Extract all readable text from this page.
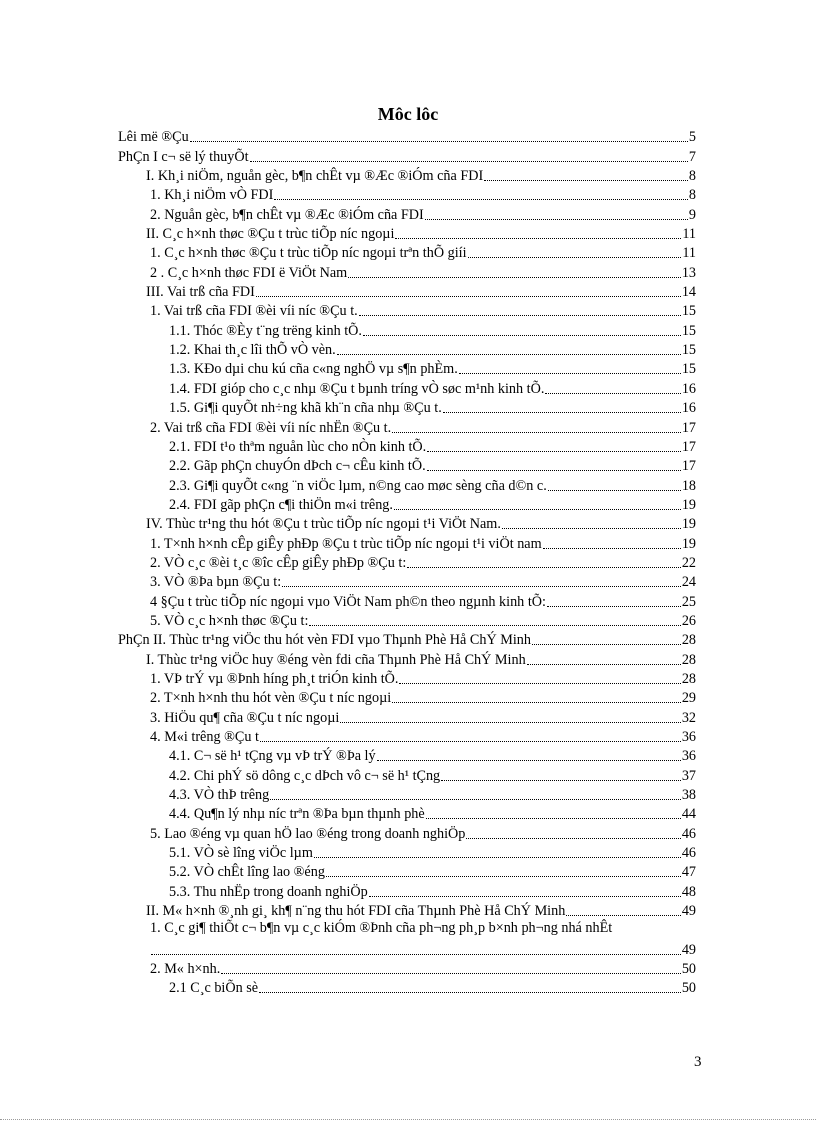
Môc lôc
Lêi më ®Çu	5
PhÇn I c¬ së lý thuyÕt	7
I. Kh¸i niÖm, nguån gèc, b¶n chÊt vµ ®Æc ®iÓm cña FDI	8
1. Kh¸i niÖm vÒ FDI	8
2. Nguån gèc, b¶n chÊt vµ ®Æc ®iÓm cña FDI	9
II. C¸c h×nh thøc ®Çu t trùc tiÕp níc ngoµi	11
1. C¸c h×nh thøc ®Çu t trùc tiÕp níc ngoµi trªn thÕ giíi	11
2 . C¸c h×nh thøc FDI ë ViÖt Nam	13
III. Vai trß cña FDI	14
1. Vai trß cña FDI ®èi víi níc ®Çu t.	15
1.1. Thóc ®Èy t¨ng trëng kinh tÕ.	15
1.2. Khai th¸c lîi thÕ vÒ vèn.	15
1.3. KÐo dµi chu kú cña c«ng nghÖ vµ s¶n phÈm.	15
1.4. FDI gióp cho c¸c nhµ ®Çu t bµnh tríng vÒ søc m¹nh kinh tÕ.	16
1.5. Gi¶i quyÕt nh÷ng khã kh¨n cña nhµ ®Çu t.	16
2. Vai trß cña FDI ®èi víi níc nhËn ®Çu t.	17
2.1. FDI t¹o thªm nguån lùc cho nÒn kinh tÕ.	17
2.2. Gãp phÇn chuyÓn dÞch c¬ cÊu kinh tÕ.	17
2.3. Gi¶i quyÕt c«ng ¨n viÖc lµm, n©ng cao møc sèng cña d©n c.	18
2.4. FDI gãp phÇn c¶i thiÖn m«i trêng.	19
IV. Thùc tr¹ng thu hót ®Çu t trùc tiÕp níc ngoµi t¹i ViÖt Nam.	19
1. T×nh h×nh cÊp giÊy phÐp ®Çu t trùc tiÕp níc ngoµi t¹i viÖt nam	19
2. VÒ c¸c ®èi t¸c ®îc cÊp giÊy phÐp ®Çu t:	22
3. VÒ ®Þa bµn ®Çu t:	24
4 §Çu t trùc tiÕp níc ngoµi vµo ViÖt Nam ph©n theo ngµnh kinh tÕ:	25
5. VÒ c¸c h×nh thøc ®Çu t:	26
PhÇn II. Thùc tr¹ng viÖc thu hót vèn FDI vµo Thµnh Phè Hå ChÝ Minh	28
I. Thùc tr¹ng viÖc huy ®éng vèn fdi cña Thµnh Phè Hå ChÝ Minh	28
1. VÞ trÝ vµ ®Þnh híng ph¸t triÓn kinh tÕ.	28
2. T×nh h×nh thu hót vèn ®Çu t níc ngoµi	29
3. HiÖu qu¶ cña ®Çu t níc ngoµi	32
4. M«i trêng ®Çu t	36
4.1. C¬ së h¹ tÇng vµ vÞ trÝ ®Þa lý	36
4.2. Chi phÝ sö dông c¸c dÞch vô c¬ së h¹ tÇng	37
4.3. VÒ thÞ trêng	38
4.4. Qu¶n lý nhµ níc trªn ®Þa bµn thµnh phè	44
5. Lao ®éng vµ quan hÖ lao ®éng trong doanh nghiÖp	46
5.1. VÒ sè lîng viÖc lµm	46
5.2. VÒ chÊt lîng lao ®éng	47
5.3. Thu nhËp trong doanh nghiÖp	48
II. M« h×nh ®¸nh gi¸ kh¶ n¨ng thu hót FDI cña Thµnh Phè Hå ChÝ Minh	49
1. C¸c gi¶ thiÕt c¬ b¶n vµ c¸c kiÓm ®Þnh cña ph¬ng ph¸p b×nh ph¬ng nhá nhÊt
49
2. M« h×nh.	50
2.1 C¸c biÕn sè	50
3
